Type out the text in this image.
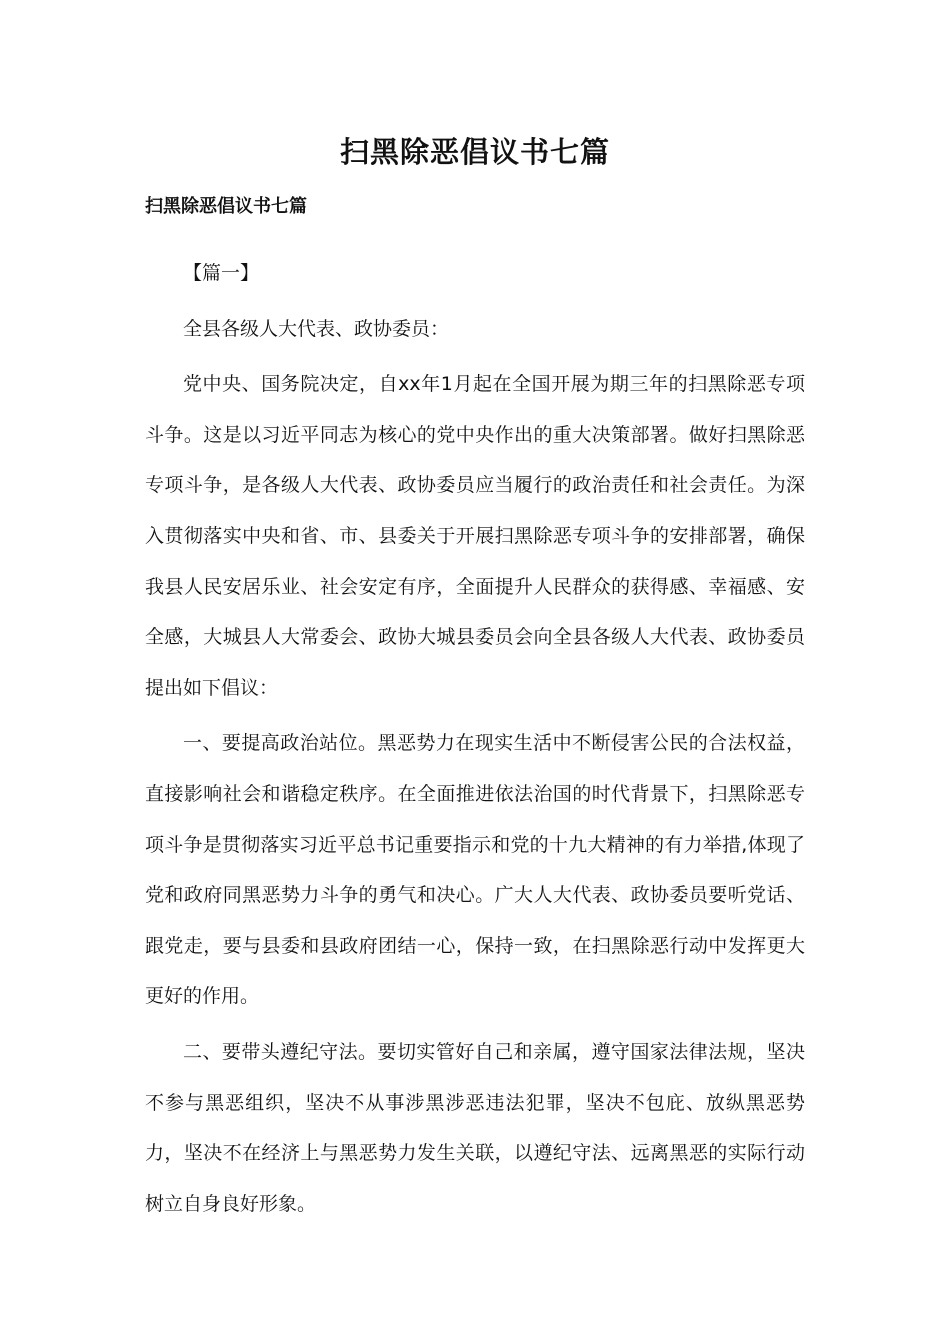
扫黑除恶倡议书七篇
扫黑除恶倡议书七篇

【篇一】

全县各级人大代表、政协委员：

党中央、国务院决定，自xx年1月起在全国开展为期三年的扫黑除恶专项斗争。这是以习近平同志为核心的党中央作出的重大决策部署。做好扫黑除恶专项斗争，是各级人大代表、政协委员应当履行的政治责任和社会责任。为深入贯彻落实中央和省、市、县委关于开展扫黑除恶专项斗争的安排部署，确保我县人民安居乐业、社会安定有序，全面提升人民群众的获得感、幸福感、安全感，大城县人大常委会、政协大城县委员会向全县各级人大代表、政协委员提出如下倡议：

一、要提高政治站位。黑恶势力在现实生活中不断侵害公民的合法权益，直接影响社会和谐稳定秩序。在全面推进依法治国的时代背景下，扫黑除恶专项斗争是贯彻落实习近平总书记重要指示和党的十九大精神的有力举措,体现了党和政府同黑恶势力斗争的勇气和决心。广大人大代表、政协委员要听党话、跟党走，要与县委和县政府团结一心，保持一致，在扫黑除恶行动中发挥更大更好的作用。

二、要带头遵纪守法。要切实管好自己和亲属，遵守国家法律法规，坚决不参与黑恶组织，坚决不从事涉黑涉恶违法犯罪，坚决不包庇、放纵黑恶势力，坚决不在经济上与黑恶势力发生关联，以遵纪守法、远离黑恶的实际行动树立自身良好形象。
